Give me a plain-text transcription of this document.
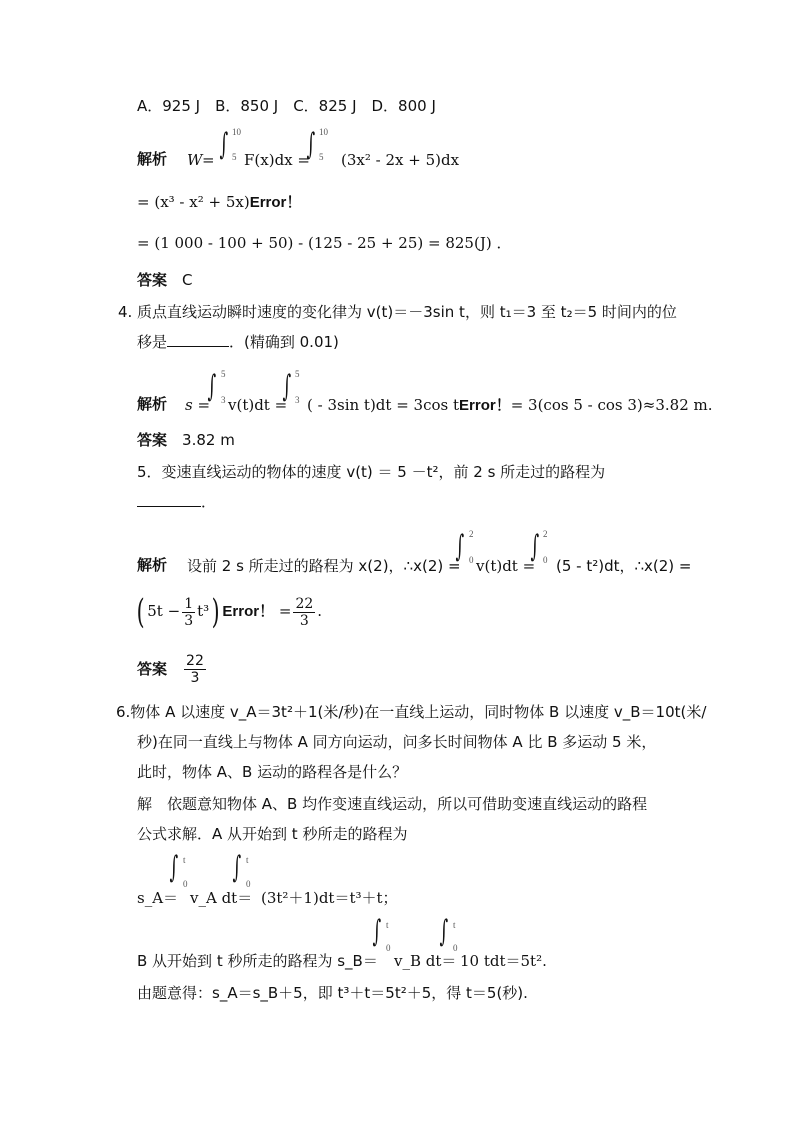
A．925 J　B．850 J　C．825 J　D．800 J
解析 W = ∫ 10
5 F(x)dx =
∫ 10
5 (3x² - 2x + 5)dx
= (x³ - x² + 5x)Error！
= (1 000 - 100 + 50) - (125 - 25 + 25) = 825(J) ．
答案　 C
4. 质点直线运动瞬时速度的变化律为 v(t)＝－3sin t，则 t₁＝3 至 t₂＝5 时间内的位
移是	．(精确到 0.01)
解析 s =
∫ 5
3 v(t)dt =
∫ 5
3 ( - 3sin t)dt = 3cos tError！= 3(cos 5 - cos 3)≈3.82 m.
答案　 3.82 m
5．变速直线运动的物体的速度 v(t) ＝ 5 －t²，前 2 s 所走过的路程为
．
解析 设前 2 s 所走过的路程为 x(2)，∴x(2) =
∫ 2
0 v(t)dt =
∫ 2
0 (5 - t²)dt，∴x(2) =
( $5t - \frac{1}{3} t^3$) Error！ = $\frac{22}{3}$ .
答案　 $\frac{22}{3}$
6.物体 A 以速度 v_A＝3t²＋1(米/秒)在一直线上运动，同时物体 B 以速度 v_B＝10t(米/
秒)在同一直线上与物体 A 同方向运动，问多长时间物体 A 比 B 多运动 5 米，
此时，物体 A、B 运动的路程各是什么？
解　依题意知物体 A、B 均作变速直线运动，所以可借助变速直线运动的路程
公式求解．A 从开始到 t 秒所走的路程为
s_A＝
∫ t
0
v_A dt＝
∫ t
0
(3t²＋1)dt＝t³＋t；
B 从开始到 t 秒所走的路程为 s_B＝
∫ t
0
v_B dt＝
∫ t
0
10 tdt＝5t².
由题意得：s_A＝s_B＋5，即 t³＋t＝5t²＋5，得 t＝5(秒).
